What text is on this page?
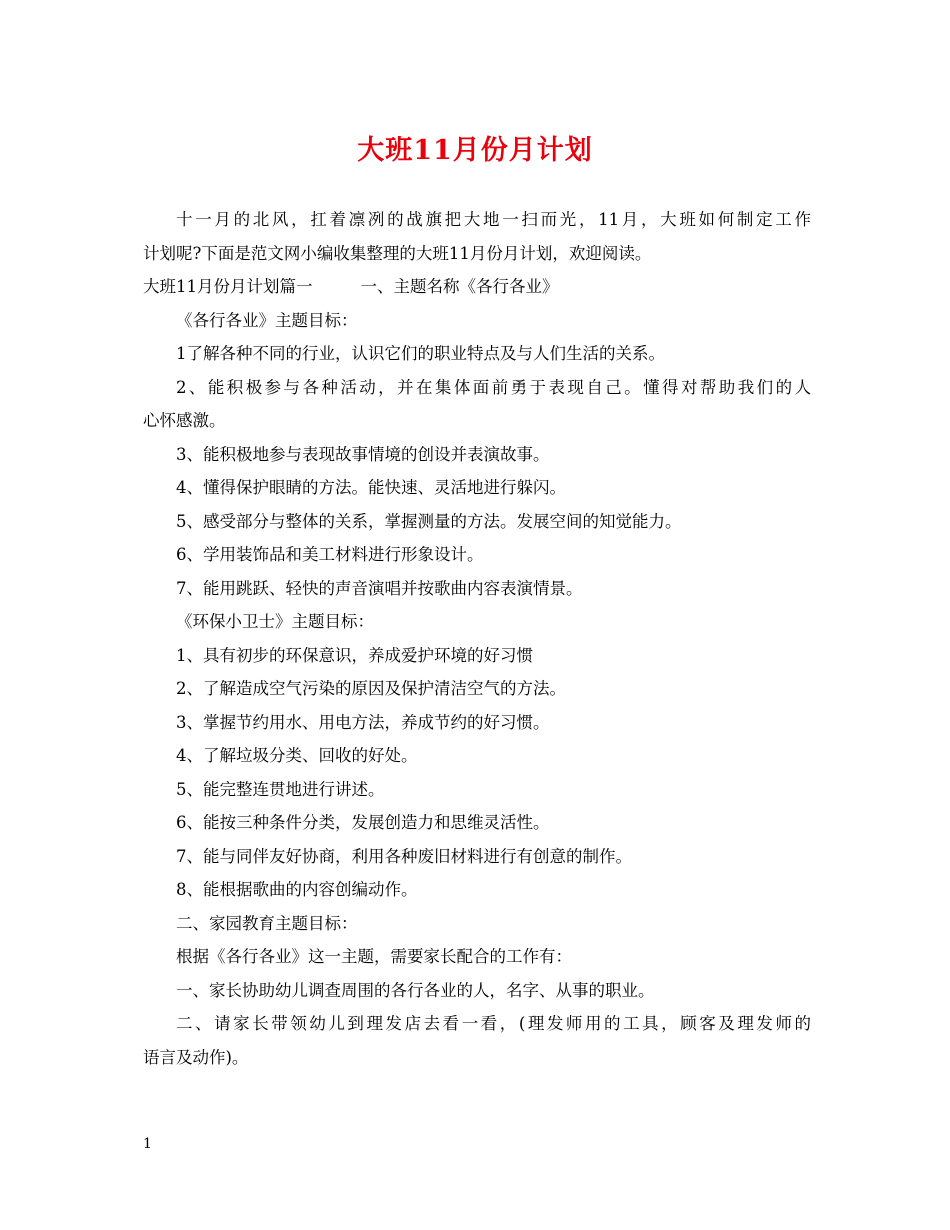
大班11月份月计划

十一月的北风，扛着凛冽的战旗把大地一扫而光，11月，大班如何制定工作

计划呢?下面是范文网小编收集整理的大班11月份月计划，欢迎阅读。

大班11月份月计划篇一	一、主题名称《各行各业》

《各行各业》主题目标：

1了解各种不同的行业，认识它们的职业特点及与人们生活的关系。

2、能积极参与各种活动，并在集体面前勇于表现自己。懂得对帮助我们的人

心怀感激。

3、能积极地参与表现故事情境的创设并表演故事。

4、懂得保护眼睛的方法。能快速、灵活地进行躲闪。

5、感受部分与整体的关系，掌握测量的方法。发展空间的知觉能力。

6、学用装饰品和美工材料进行形象设计。

7、能用跳跃、轻快的声音演唱并按歌曲内容表演情景。

《环保小卫士》主题目标：

1、具有初步的环保意识，养成爱护环境的好习惯

2、了解造成空气污染的原因及保护清洁空气的方法。

3、掌握节约用水、用电方法，养成节约的好习惯。

4、了解垃圾分类、回收的好处。

5、能完整连贯地进行讲述。

6、能按三种条件分类，发展创造力和思维灵活性。

7、能与同伴友好协商，利用各种废旧材料进行有创意的制作。

8、能根据歌曲的内容创编动作。

二、家园教育主题目标：

根据《各行各业》这一主题，需要家长配合的工作有：

一、家长协助幼儿调查周围的各行各业的人，名字、从事的职业。

二、请家长带领幼儿到理发店去看一看，(理发师用的工具，顾客及理发师的

语言及动作)。

1
